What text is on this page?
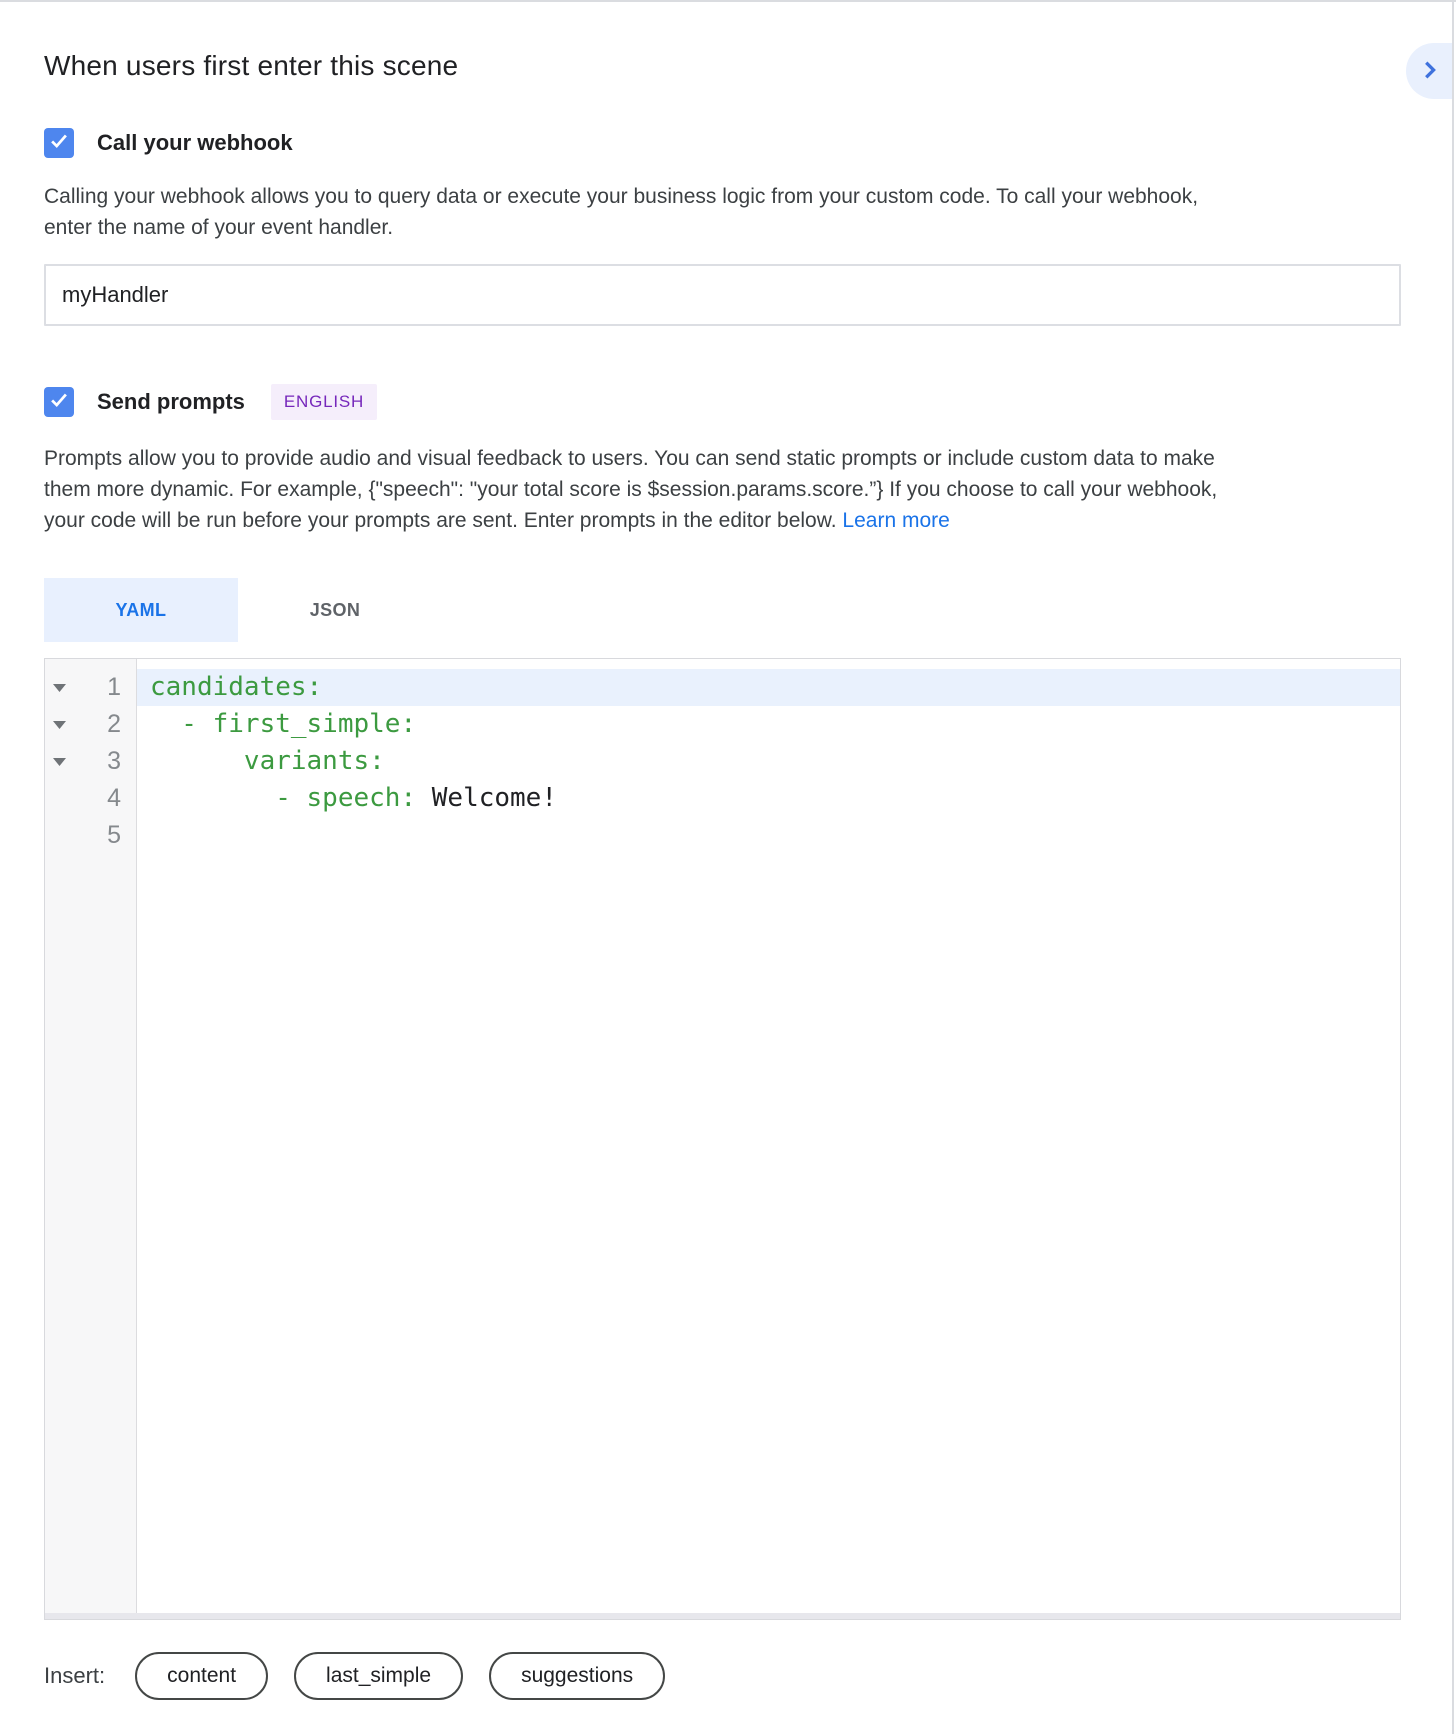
When users first enter this scene
Call your webhook
Calling your webhook allows you to query data or execute your business logic from your custom code. To call your webhook,
enter the name of your event handler.
myHandler
Send prompts	ENGLISH
Prompts allow you to provide audio and visual feedback to users. You can send static prompts or include custom data to make
them more dynamic. For example, {"speech": "your total score is $session.params.score.”} If you choose to call your webhook,
your code will be run before your prompts are sent. Enter prompts in the editor below. Learn more
YAML	JSON
1
2
3
4
5
candidates:
- first_simple:
variants:
- speech: Welcome!
Insert:	content	last_simple	suggestions
